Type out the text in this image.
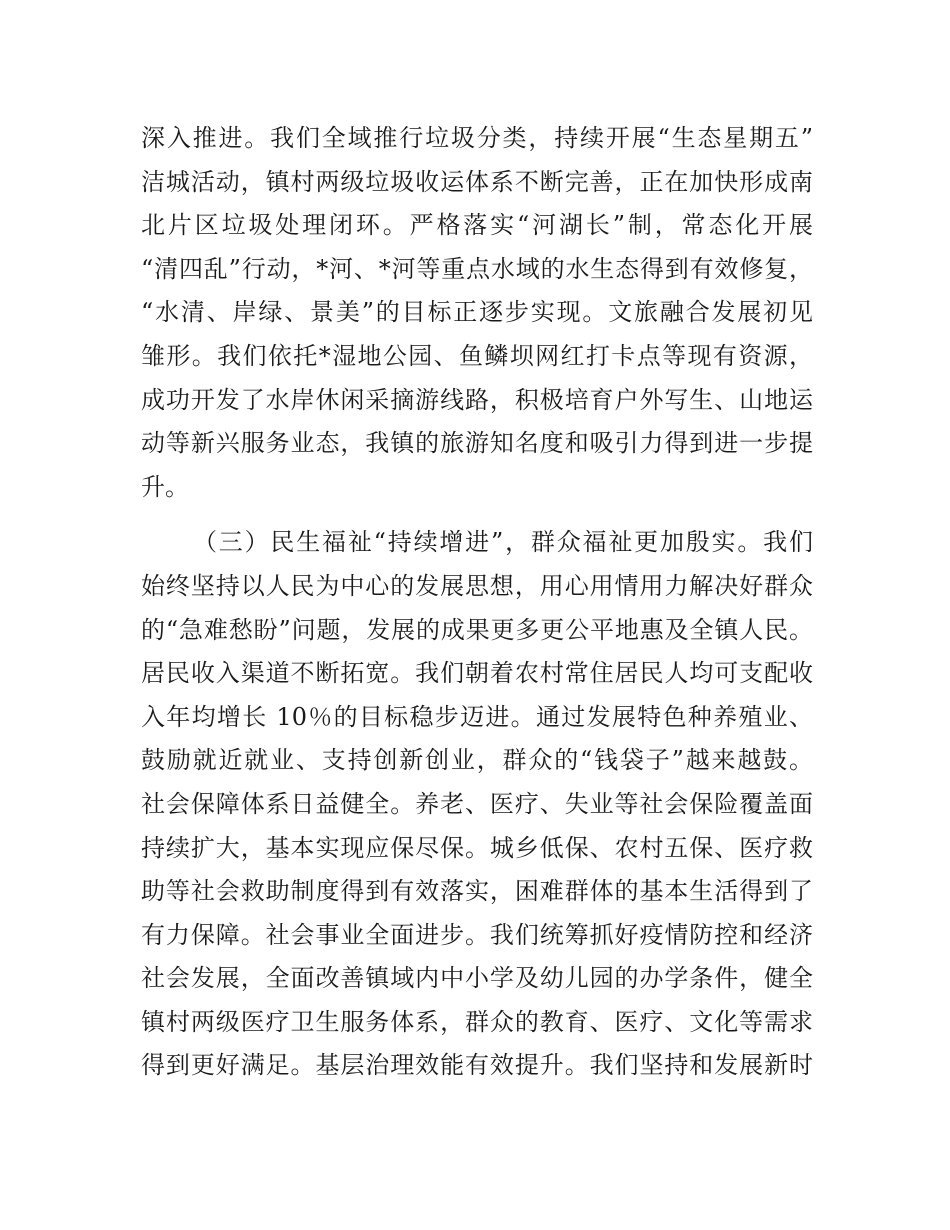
深入推进。我们全域推行垃圾分类，持续开展“生态星期五”
洁城活动，镇村两级垃圾收运体系不断完善，正在加快形成南
北片区垃圾处理闭环。严格落实“河湖长”制，常态化开展
“清四乱”行动，*河、*河等重点水域的水生态得到有效修复，
“水清、岸绿、景美”的目标正逐步实现。文旅融合发展初见
雏形。我们依托*湿地公园、鱼鳞坝网红打卡点等现有资源，
成功开发了水岸休闲采摘游线路，积极培育户外写生、山地运
动等新兴服务业态，我镇的旅游知名度和吸引力得到进一步提
升。
（三）民生福祉“持续增进”，群众福祉更加殷实。我们
始终坚持以人民为中心的发展思想，用心用情用力解决好群众
的“急难愁盼”问题，发展的成果更多更公平地惠及全镇人民。
居民收入渠道不断拓宽。我们朝着农村常住居民人均可支配收
入年均增长 10％的目标稳步迈进。通过发展特色种养殖业、
鼓励就近就业、支持创新创业，群众的“钱袋子”越来越鼓。
社会保障体系日益健全。养老、医疗、失业等社会保险覆盖面
持续扩大，基本实现应保尽保。城乡低保、农村五保、医疗救
助等社会救助制度得到有效落实，困难群体的基本生活得到了
有力保障。社会事业全面进步。我们统筹抓好疫情防控和经济
社会发展，全面改善镇域内中小学及幼儿园的办学条件，健全
镇村两级医疗卫生服务体系，群众的教育、医疗、文化等需求
得到更好满足。基层治理效能有效提升。我们坚持和发展新时
